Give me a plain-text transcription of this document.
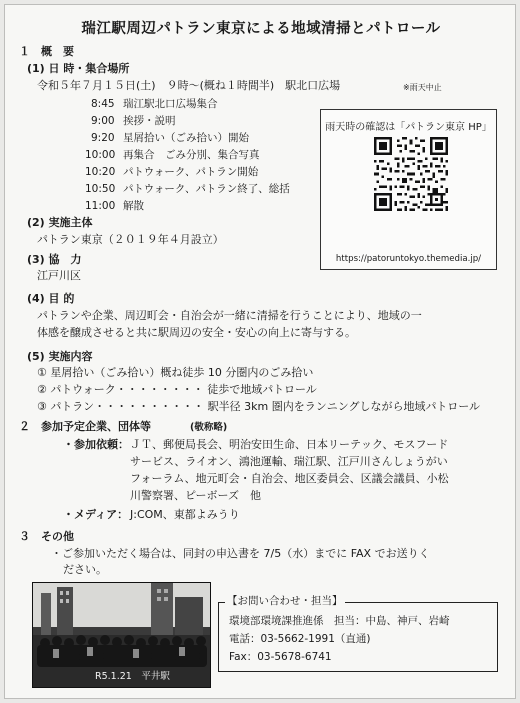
瑞江駅周辺パトラン東京による地域清掃とパトロール
１　概　要
(1) 日 時・集合場所
令和５年７月１５日(土)　９時～(概ね１時間半)　駅北口広場	※雨天中止
8:45 瑞江駅北口広場集合
9:00 挨拶・説明
9:20 星屑拾い（ごみ拾い）開始
10:00 再集合　ごみ分別、集合写真
10:20 パトウォーク、パトラン開始
10:50 パトウォーク、パトラン終了、総括
11:00 解散
雨天時の確認は「パトラン東京 HP」
https://patoruntokyo.themedia.jp/
(2) 実施主体
パトラン東京（２０１９年４月設立）
(3) 協　力
江戸川区
(4) 目 的
パトランや企業、周辺町会・自治会が一緒に清掃を行うことにより、地域の一
体感を醸成させると共に駅周辺の安全・安心の向上に寄与する。
(5) 実施内容
① 星屑拾い（ごみ拾い）概ね徒歩 10 分圏内のごみ拾い
② パトウォーク・・・・・・・・ 徒歩で地域パトロール
③ パトラン・・・・・・・・・・ 駅半径 3km 圏内をランニングしながら地域パトロール
２　参加予定企業、団体等	(敬称略)
・参加依頼： ＪＴ、郵便局長会、明治安田生命、日本リーテック、モスフード
サービス、ライオン、鴻池運輸、瑞江駅、江戸川さんしょうがい
フォーラム、地元町会・自治会、地区委員会、区議会議員、小松
川警察署、ピーボーズ　他
・メディア： J:COM、東都よみうり
３　その他
・ご参加いただく場合は、同封の申込書を 7/5（水）までに FAX でお送りく
ださい。
R5.1.21　平井駅
【お問い合わせ・担当】
環境部環境課推進係　担当：中島、神戸、岩崎
電話：03-5662-1991（直通)
Fax：03-5678-6741
